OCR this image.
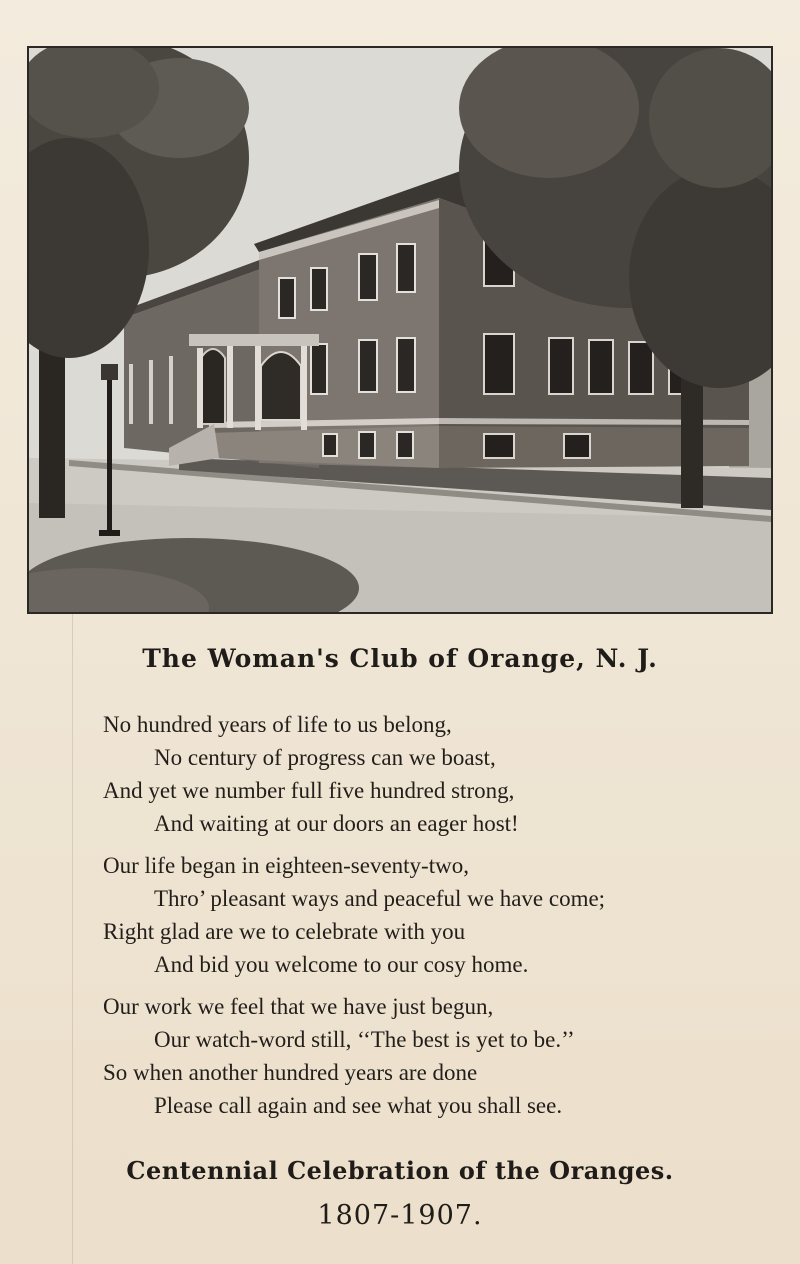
The Woman's Club of Orange, N. J.
No hundred years of life to us belong,
No century of progress can we boast,
And yet we number full five hundred strong,
And waiting at our doors an eager host!
Our life began in eighteen-seventy-two,
Thro’ pleasant ways and peaceful we have come;
Right glad are we to celebrate with you
And bid you welcome to our cosy home.
Our work we feel that we have just begun,
Our watch-word still, ‘‘The best is yet to be.’’
So when another hundred years are done
Please call again and see what you shall see.
Centennial Celebration of the Oranges.
1807-1907.
